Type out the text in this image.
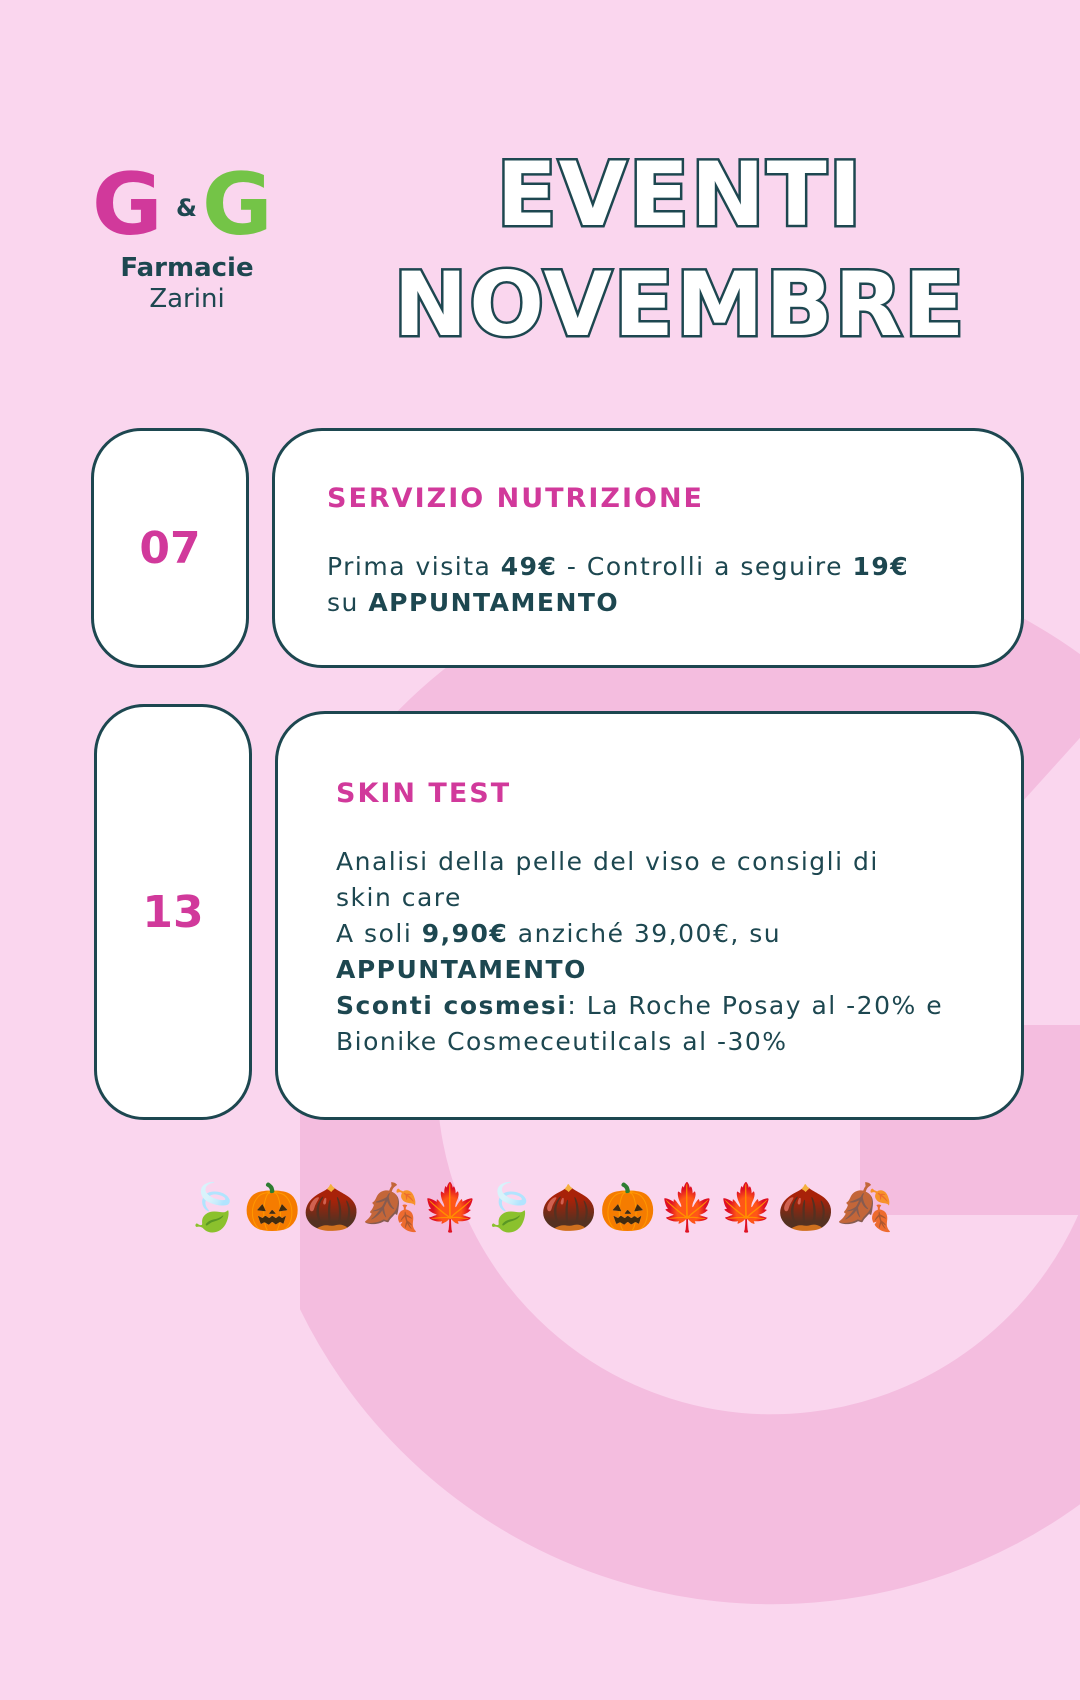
G & G
Farmacie
Zarini
EVENTI
NOVEMBRE
07
SERVIZIO NUTRIZIONE
Prima visita 49€ - Controlli a seguire 19€
su APPUNTAMENTO
13
SKIN TEST
Analisi della pelle del viso e consigli di
skin care
A soli 9,90€ anziché 39,00€, su
APPUNTAMENTO
Sconti cosmesi: La Roche Posay al -20% e
Bionike Cosmeceutilcals al -30%
🍃🎃🌰🍂🍁🍃🌰🎃🍁🍁🌰🍂
